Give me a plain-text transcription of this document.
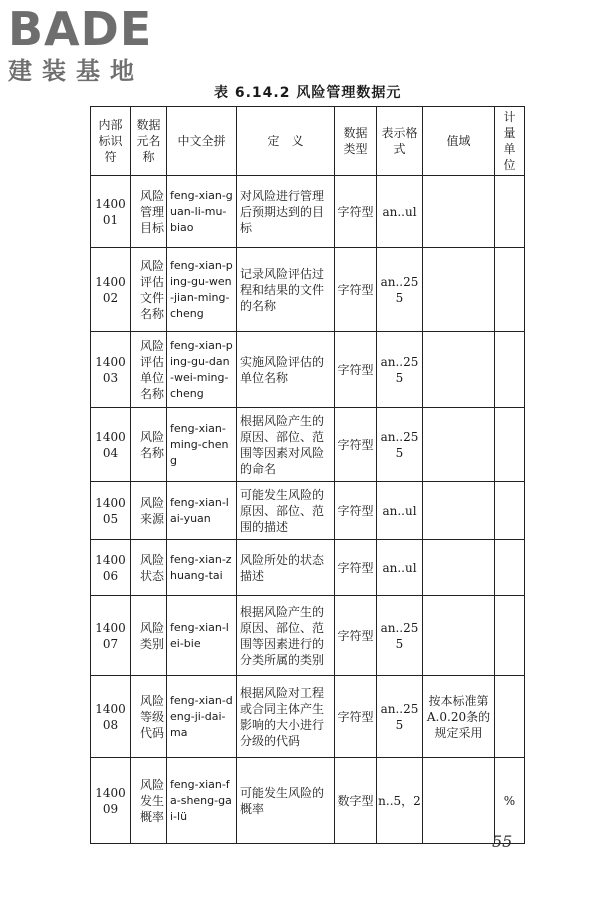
BADE
建装基地
表 6.14.2 风险管理数据元
内部标识符	数据元名称	中文全拼	定　义	数据类型	表示格式	值域	计量单位
140001	风险管理目标	feng-xian-guan-li-mu-biao	对风险进行管理后预期达到的目标	字符型	an..ul		
140002	风险评估文件名称	feng-xian-ping-gu-wen-jian-ming-cheng	记录风险评估过程和结果的文件的名称	字符型	an..255		
140003	风险评估单位名称	feng-xian-ping-gu-dan-wei-ming-cheng	实施风险评估的单位名称	字符型	an..255		
140004	风险名称	feng-xian-ming-cheng	根据风险产生的原因、部位、范围等因素对风险的命名	字符型	an..255		
140005	风险来源	feng-xian-lai-yuan	可能发生风险的原因、部位、范围的描述	字符型	an..ul		
140006	风险状态	feng-xian-zhuang-tai	风险所处的状态描述	字符型	an..ul		
140007	风险类别	feng-xian-lei-bie	根据风险产生的原因、部位、范围等因素进行的分类所属的类别	字符型	an..255		
140008	风险等级代码	feng-xian-deng-ji-dai-ma	根据风险对工程或合同主体产生影响的大小进行分级的代码	字符型	an..255	按本标准第A.0.20条的规定采用	
140009	风险发生概率	feng-xian-fa-sheng-gai-lü	可能发生风险的概率	数字型	n..5，2		%
55
